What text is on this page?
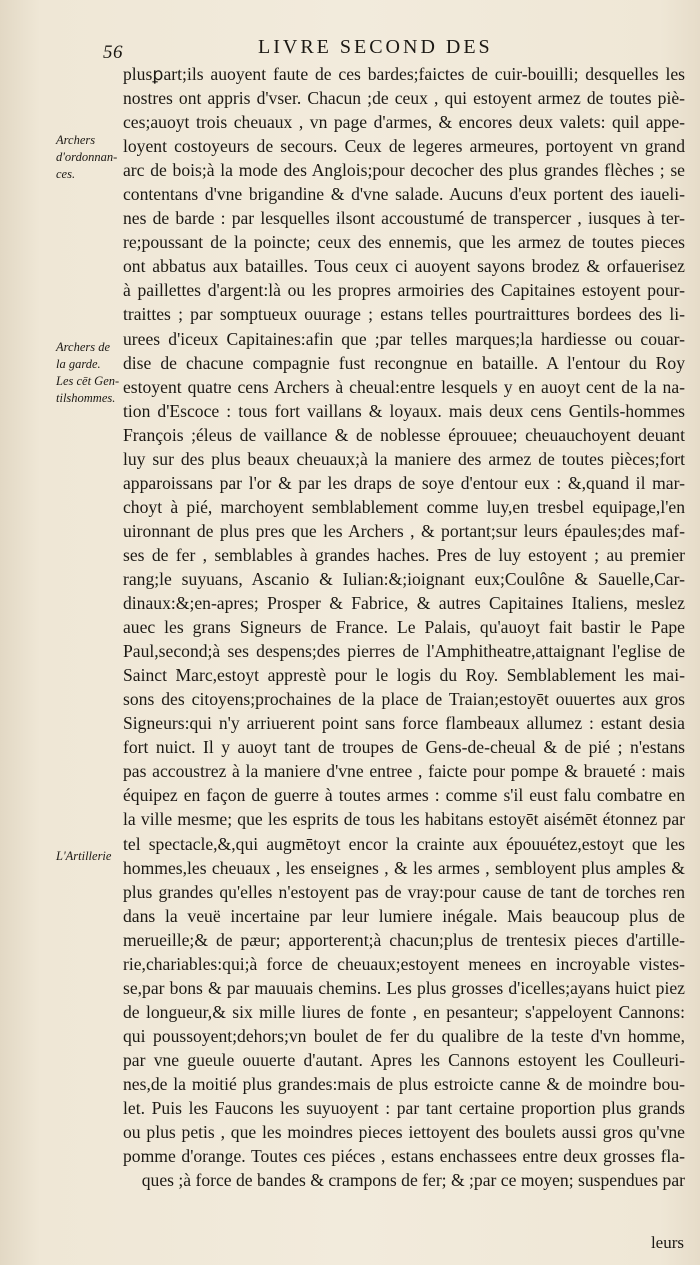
56	LIVRE SECOND DES
Archers
d'ordonnan-
ces.
Archers de
la garde.
Les cēt Gen-
tilshommes.
L'Artillerie
plusꝑart;ils auoyent faute de ces bardes;faictes de cuir-bouilli; desquelles les
nostres ont appris d'vser. Chacun ;de ceux , qui estoyent armez de toutes piè-
ces;auoyt trois cheuaux , vn page d'armes, & encores deux valets: quil appe-
loyent costoyeurs de secours. Ceux de legeres armeures, portoyent vn grand
arc de bois;à la mode des Anglois;pour decocher des plus grandes flèches ; se
contentans d'vne brigandine & d'vne salade. Aucuns d'eux portent des iaueli-
nes de barde : par lesquelles ilsont accoustumé de transpercer , iusques à ter-
re;poussant de la poincte; ceux des ennemis, que les armez de toutes pieces
ont abbatus aux batailles. Tous ceux ci auoyent sayons brodez & orfauerisez
à paillettes d'argent:là ou les propres armoiries des Capitaines estoyent pour-
traittes ; par somptueux ouurage ; estans telles pourtraittures bordees des li-
urees d'iceux Capitaines:afin que ;par telles marques;la hardiesse ou couar-
dise de chacune compagnie fust recongnue en bataille. A l'entour du Roy
estoyent quatre cens Archers à cheual:entre lesquels y en auoyt cent de la na-
tion d'Escoce : tous fort vaillans & loyaux. mais deux cens Gentils-hommes
François ;éleus de vaillance & de noblesse éprouuee; cheuauchoyent deuant
luy sur des plus beaux cheuaux;à la maniere des armez de toutes pièces;fort
apparoissans par l'or & par les draps de soye d'entour eux : &,quand il mar-
choyt à pié, marchoyent semblablement comme luy,en tresbel equipage,l'en
uironnant de plus pres que les Archers , & portant;sur leurs épaules;des maf-
ses de fer , semblables à grandes haches. Pres de luy estoyent ; au premier
rang;le suyuans, Ascanio & Iulian:&;ioignant eux;Coulône & Sauelle,Car-
dinaux:&;en-apres; Prosper & Fabrice, & autres Capitaines Italiens, meslez
auec les grans Signeurs de France. Le Palais, qu'auoyt fait bastir le Pape
Paul,second;à ses despens;des pierres de l'Amphitheatre,attaignant l'eglise de
Sainct Marc,estoyt apprestè pour le logis du Roy. Semblablement les mai-
sons des citoyens;prochaines de la place de Traian;estoyēt ouuertes aux gros
Signeurs:qui n'y arriuerent point sans force flambeaux allumez : estant desia
fort nuict. Il y auoyt tant de troupes de Gens-de-cheual & de pié ; n'estans
pas accoustrez à la maniere d'vne entree , faicte pour pompe & braueté : mais
équipez en façon de guerre à toutes armes : comme s'il eust falu combatre en
la ville mesme; que les esprits de tous les habitans estoyēt aisémēt étonnez par
tel spectacle,&,qui augmētoyt encor la crainte aux épouuétez,estoyt que les
hommes,les cheuaux , les enseignes , & les armes , sembloyent plus amples &
plus grandes qu'elles n'estoyent pas de vray:pour cause de tant de torches ren
dans la veuë incertaine par leur lumiere inégale. Mais beaucoup plus de
merueille;& de pæur; apporterent;à chacun;plus de trentesix pieces d'artille-
rie,chariables:qui;à force de cheuaux;estoyent menees en incroyable vistes-
se,par bons & par mauuais chemins. Les plus grosses d'icelles;ayans huict piez
de longueur,& six mille liures de fonte , en pesanteur; s'appeloyent Cannons:
qui poussoyent;dehors;vn boulet de fer du qualibre de la teste d'vn homme,
par vne gueule ouuerte d'autant. Apres les Cannons estoyent les Coulleuri-
nes,de la moitié plus grandes:mais de plus estroicte canne & de moindre bou-
let. Puis les Faucons les suyuoyent : par tant certaine proportion plus grands
ou plus petis , que les moindres pieces iettoyent des boulets aussi gros qu'vne
pomme d'orange. Toutes ces piéces , estans enchassees entre deux grosses fla-
ques ;à force de bandes & crampons de fer; & ;par ce moyen; suspendues par
leurs
